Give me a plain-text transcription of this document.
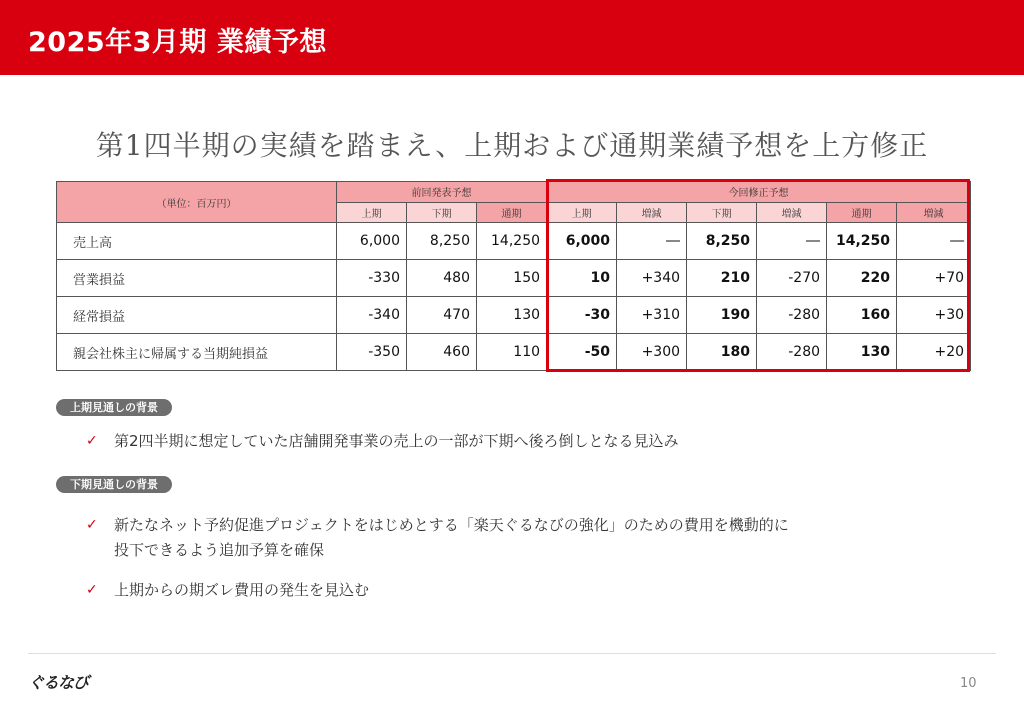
2025年3月期 業績予想
第1四半期の実績を踏まえ、上期および通期業績予想を上方修正
（単位：百万円）	前回発表予想			今回修正予想					
	上期	下期	通期	上期	増減	下期	増減	通期	増減
売上高	6,000	8,250	14,250	6,000	―	8,250	―	14,250	―
営業損益	-330	480	150	10	+340	210	-270	220	+70
経常損益	-340	470	130	-30	+310	190	-280	160	+30
親会社株主に帰属する当期純損益	-350	460	110	-50	+300	180	-280	130	+20
上期見通しの背景
✓ 第2四半期に想定していた店舗開発事業の売上の一部が下期へ後ろ倒しとなる見込み
下期見通しの背景
✓ 新たなネット予約促進プロジェクトをはじめとする「楽天ぐるなびの強化」のための費用を機動的に
投下できるよう追加予算を確保
✓ 上期からの期ズレ費用の発生を見込む
ぐるなび	10
